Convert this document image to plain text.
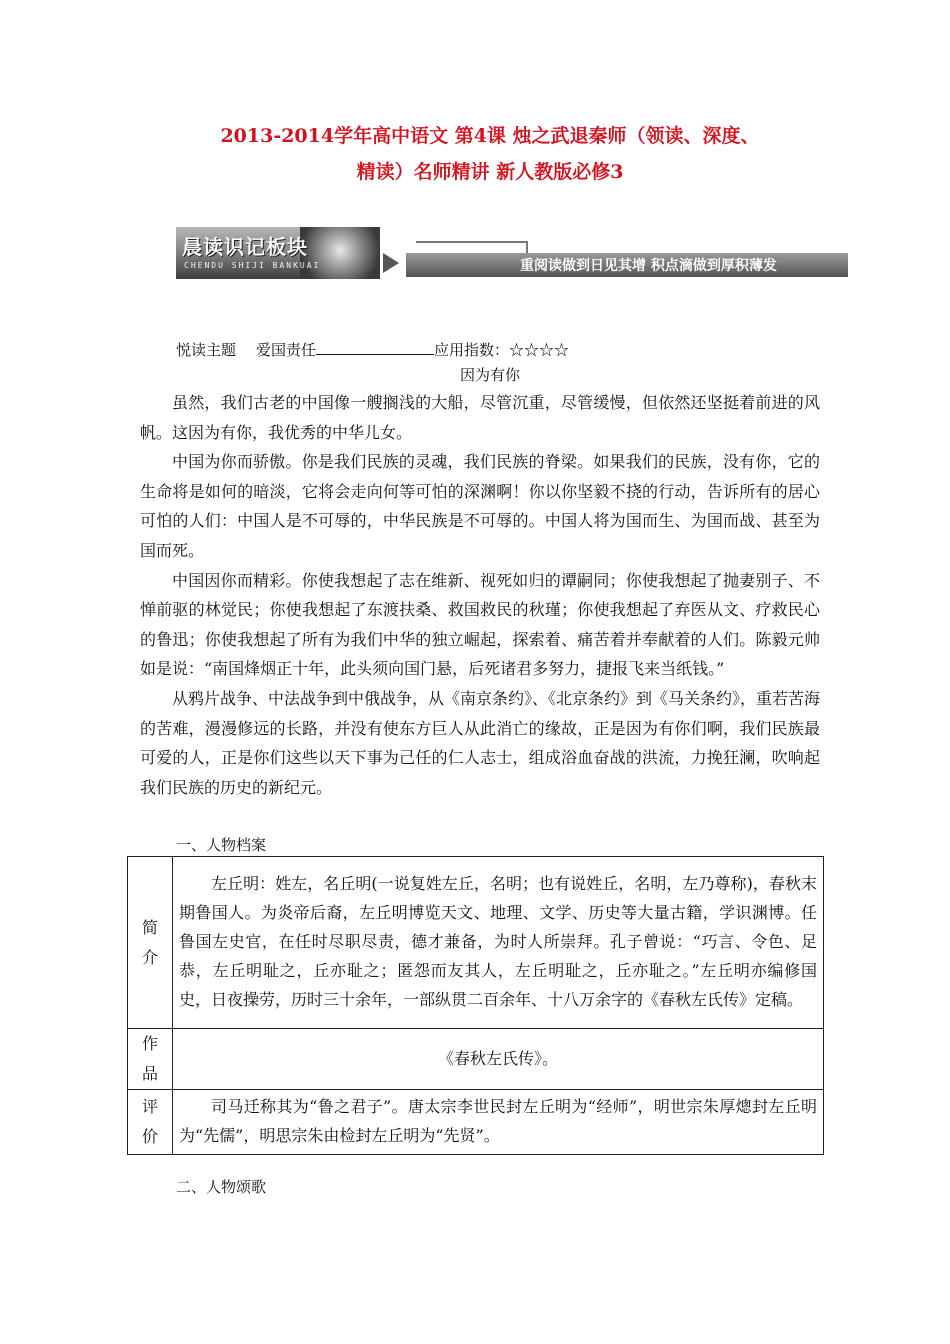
2013-2014学年高中语文 第4课 烛之武退秦师（领读、深度、
精读）名师精讲 新人教版必修3
晨读识记板块
CHENDU SHIJI BANKUAI	重阅读做到日见其增 积点滴做到厚积薄发
悦读主题 爱国责任	应用指数：☆☆☆☆
因为有你

虽然，我们古老的中国像一艘搁浅的大船，尽管沉重，尽管缓慢，但依然还坚挺着前进的风帆。这因为有你，我优秀的中华儿女。

中国为你而骄傲。你是我们民族的灵魂，我们民族的脊梁。如果我们的民族，没有你，它的生命将是如何的暗淡，它将会走向何等可怕的深渊啊！你以你坚毅不挠的行动，告诉所有的居心可怕的人们：中国人是不可辱的，中华民族是不可辱的。中国人将为国而生、为国而战、甚至为国而死。

中国因你而精彩。你使我想起了志在维新、视死如归的谭嗣同；你使我想起了抛妻别子、不惮前驱的林觉民；你使我想起了东渡扶桑、救国救民的秋瑾；你使我想起了弃医从文、疗救民心的鲁迅；你使我想起了所有为我们中华的独立崛起，探索着、痛苦着并奉献着的人们。陈毅元帅如是说：“南国烽烟正十年，此头须向国门悬，后死诸君多努力，捷报飞来当纸钱。”

从鸦片战争、中法战争到中俄战争，从《南京条约》、《北京条约》到《马关条约》，重若苦海的苦难，漫漫修远的长路，并没有使东方巨人从此消亡的缘故，正是因为有你们啊，我们民族最可爱的人，正是你们这些以天下事为己任的仁人志士，组成浴血奋战的洪流，力挽狂澜，吹响起我们民族的历史的新纪元。

一、人物档案
简
介	左丘明：姓左，名丘明(一说复姓左丘，名明；也有说姓丘，名明，左乃尊称)，春秋末期鲁国人。为炎帝后裔，左丘明博览天文、地理、文学、历史等大量古籍，学识渊博。任鲁国左史官，在任时尽职尽责，德才兼备，为时人所崇拜。孔子曾说：“巧言、令色、足恭，左丘明耻之，丘亦耻之；匿怨而友其人，左丘明耻之，丘亦耻之。”左丘明亦编修国史，日夜操劳，历时三十余年，一部纵贯二百余年、十八万余字的《春秋左氏传》定稿。
作
品	《春秋左氏传》。
评
价	司马迁称其为“鲁之君子”。唐太宗李世民封左丘明为“经师”，明世宗朱厚熜封左丘明为“先儒”，明思宗朱由检封左丘明为“先贤”。
二、人物颂歌
